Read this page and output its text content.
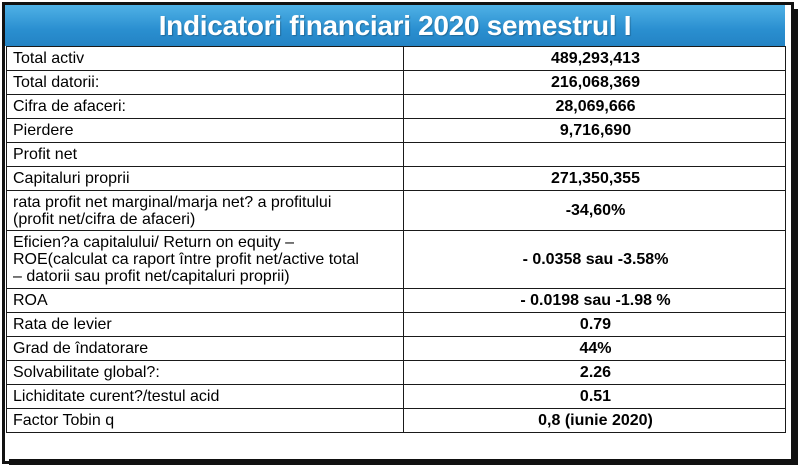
Indicatori financiari 2020 semestrul I
Total activ	489,293,413
Total datorii:	216,068,369
Cifra de afaceri:	28,069,666
Pierdere	9,716,690
Profit net	
Capitaluri proprii	271,350,355

rata profit net marginal/marja net? a profitului
(profit net/cifra de afaceri)	-34,60%

Eficien?a capitalului/ Return on equity –
ROE(calculat ca raport între profit net/active total
– datorii sau profit net/capitaluri proprii)	- 0.0358 sau -3.58%
ROA	- 0.0198 sau -1.98 %
Rata de levier	0.79
Grad de îndatorare	44%
Solvabilitate global?:	2.26
Lichiditate curent?/testul acid	0.51
Factor Tobin q	0,8 (iunie 2020)
